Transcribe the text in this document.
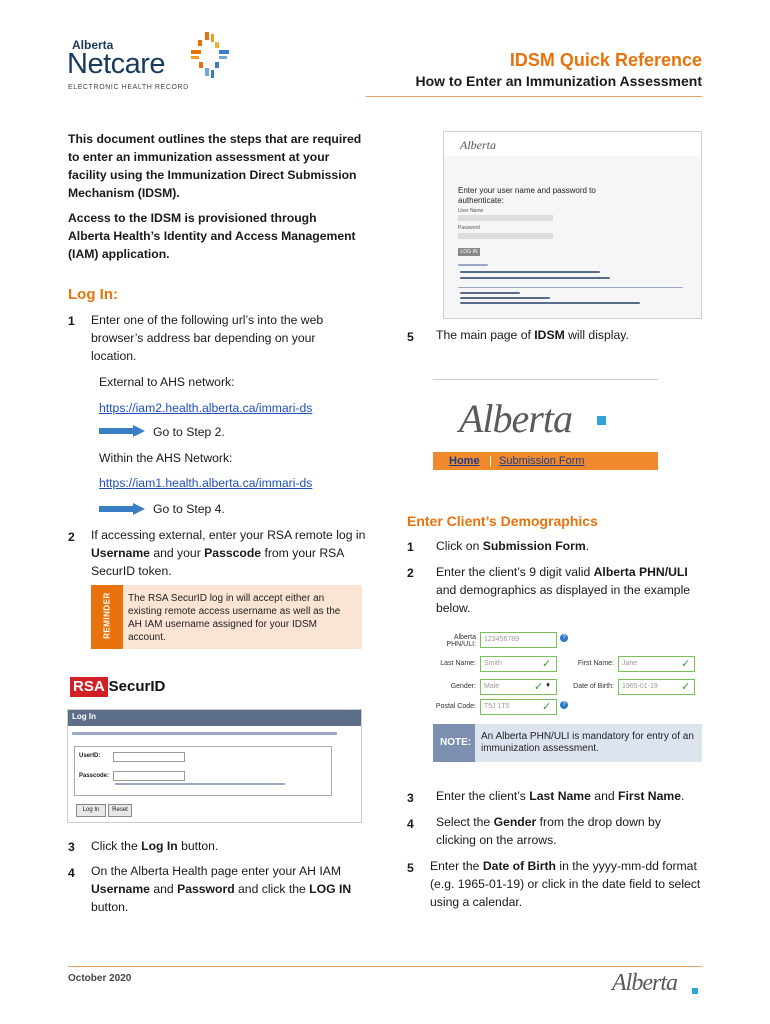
Alberta
Netcare
ELECTRONIC HEALTH RECORD
IDSM Quick Reference
How to Enter an Immunization Assessment
This document outlines the steps that are required to enter an immunization assessment at your facility using the Immunization Direct Submission Mechanism (IDSM).
Access to the IDSM is provisioned through Alberta Health’s Identity and Access Management (IAM) application.
Log In:
1 Enter one of the following url’s into the web browser’s address bar depending on your location.
External to AHS network:
https://iam2.health.alberta.ca/immari-ds
Go to Step 2.
Within the AHS Network:
https://iam1.health.alberta.ca/immari-ds
Go to Step 4.
2 If accessing external, enter your RSA remote log in Username and your Passcode from your RSA SecurID token.
REMINDER The RSA SecurID log in will accept either an existing remote access username as well as the AH IAM username assigned for your IDSM account.
RSA SecurID
Log In
UserID:
Passcode:
Log In	Reset
3 Click the Log In button.
4 On the Alberta Health page enter your AH IAM Username and Password and click the LOG IN button.
Alberta
Enter your user name and password to authenticate:
User Name
Password
LOG IN
5 The main page of IDSM will display.
Alberta
Home | Submission Form
Enter Client’s Demographics
1 Click on Submission Form.
2 Enter the client’s 9 digit valid Alberta PHN/ULI and demographics as displayed in the example below.
Alberta PHN/ULI:
123456789	?
Last Name:	Smith	✓	First Name:	Jane	✓
Gender:	Male	✓ ♦	Date of Birth:	1965-01-19	✓
Postal Code:	T5J 1T5	✓	?
NOTE:
An Alberta PHN/ULI is mandatory for entry of an immunization assessment.
3 Enter the client’s Last Name and First Name.
4 Select the Gender from the drop down by clicking on the arrows.
5 Enter the Date of Birth in the yyyy-mm-dd format (e.g. 1965-01-19) or click in the date field to select using a calendar.
October 2020	Alberta
